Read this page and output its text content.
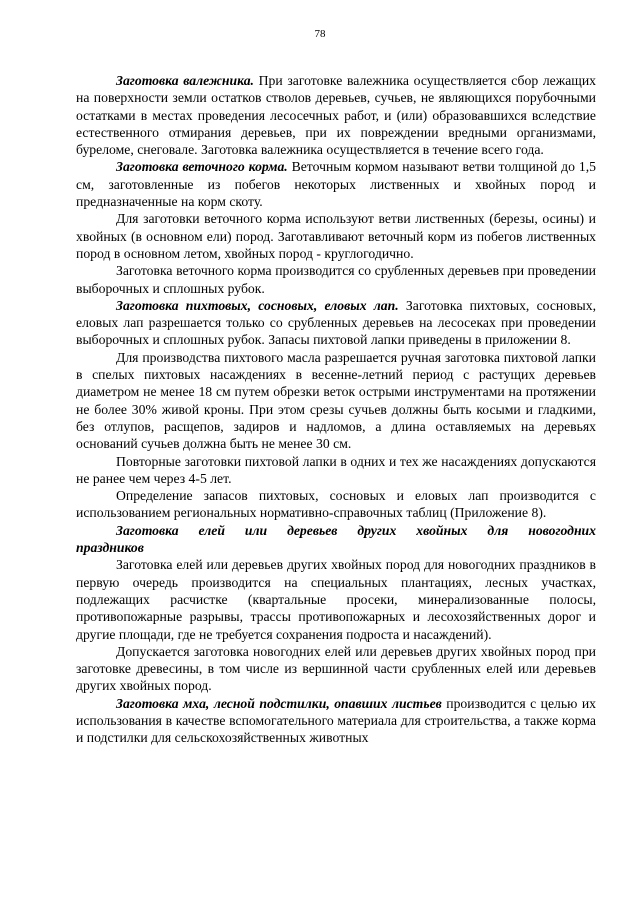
78

Заготовка валежника. При заготовке валежника осуществляется сбор лежащих на поверхности земли остатков стволов деревьев, сучьев, не являющихся порубочными остатками в местах проведения лесосечных работ, и (или) образовавшихся вследствие естественного отмирания деревьев, при их повреждении вредными организмами, буреломе, снеговале. Заготовка валежника осуществляется в течение всего года.

Заготовка веточного корма. Веточным кормом называют ветви толщиной до 1,5 см, заготовленные из побегов некоторых лиственных и хвойных пород и предназначенные на корм скоту.

Для заготовки веточного корма используют ветви лиственных (березы, осины) и хвойных (в основном ели) пород. Заготавливают веточный корм из побегов лиственных пород в основном летом, хвойных пород - круглогодично.

Заготовка веточного корма производится со срубленных деревьев при проведении выборочных и сплошных рубок.

Заготовка пихтовых, сосновых, еловых лап. Заготовка пихтовых, сосновых, еловых лап разрешается только со срубленных деревьев на лесосеках при проведении выборочных и сплошных рубок. Запасы пихтовой лапки приведены в приложении 8.

Для производства пихтового масла разрешается ручная заготовка пихтовой лапки в спелых пихтовых насаждениях в весенне-летний период с растущих деревьев диаметром не менее 18 см путем обрезки веток острыми инструментами на протяжении не более 30% живой кроны. При этом срезы сучьев должны быть косыми и гладкими, без отлупов, расщепов, задиров и надломов, а длина оставляемых на деревьях оснований сучьев должна быть не менее 30 см.

Повторные заготовки пихтовой лапки в одних и тех же насаждениях допускаются не ранее чем через 4-5 лет.

Определение запасов пихтовых, сосновых и еловых лап производится с использованием региональных нормативно-справочных таблиц (Приложение 8).

Заготовка елей или деревьев других хвойных для новогодних праздников

Заготовка елей или деревьев других хвойных пород для новогодних праздников в первую очередь производится на специальных плантациях, лесных участках, подлежащих расчистке (квартальные просеки, минерализованные полосы, противопожарные разрывы, трассы противопожарных и лесохозяйственных дорог и другие площади, где не требуется сохранения подроста и насаждений).

Допускается заготовка новогодних елей или деревьев других хвойных пород при заготовке древесины, в том числе из вершинной части срубленных елей или деревьев других хвойных пород.

Заготовка мха, лесной подстилки, опавших листьев производится с целью их использования в качестве вспомогательного материала для строительства, а также корма и подстилки для сельскохозяйственных животных
